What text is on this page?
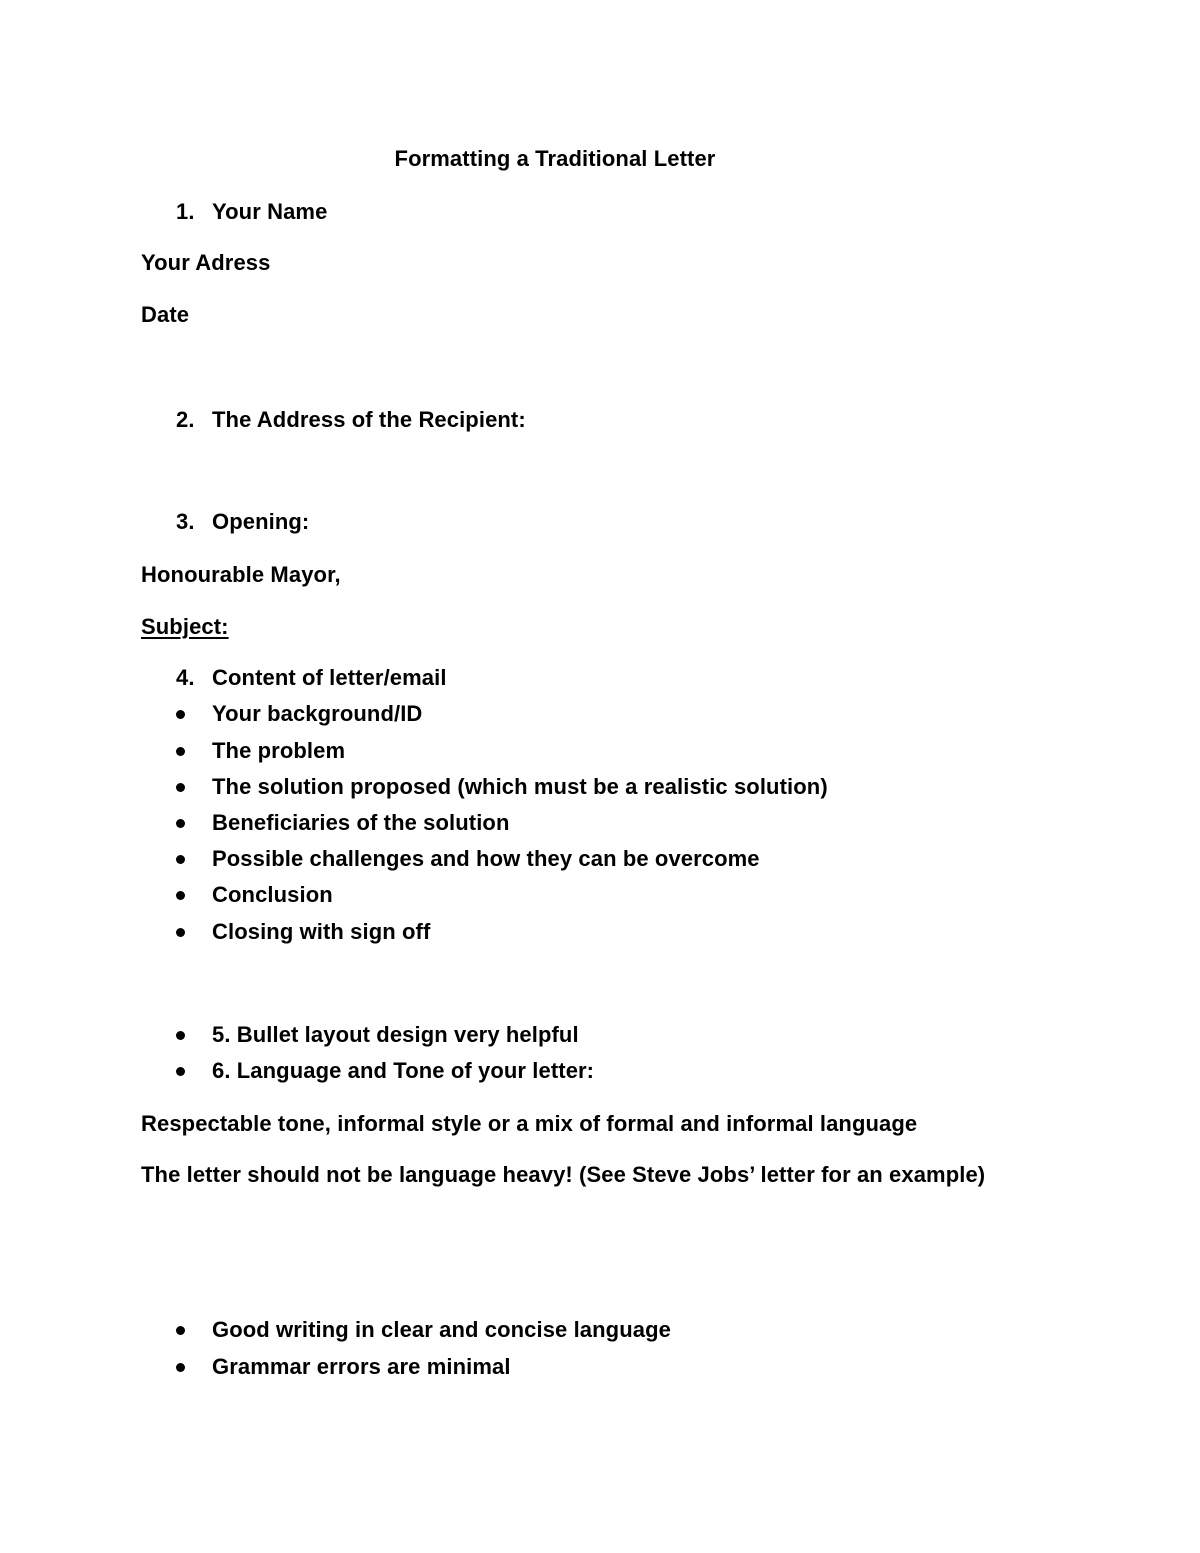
Formatting a Traditional Letter
1. Your Name
Your Adress
Date
2. The Address of the Recipient:
3. Opening:
Honourable Mayor,
Subject:
4. Content of letter/email
Your background/ID
The problem
The solution proposed (which must be a realistic solution)
Beneficiaries of the solution
Possible challenges and how they can be overcome
Conclusion
Closing with sign off
5. Bullet layout design very helpful
6. Language and Tone of your letter:
Respectable tone, informal style or a mix of formal and informal language
The letter should not be language heavy! (See Steve Jobs’ letter for an example)
Good writing in clear and concise language
Grammar errors are minimal
